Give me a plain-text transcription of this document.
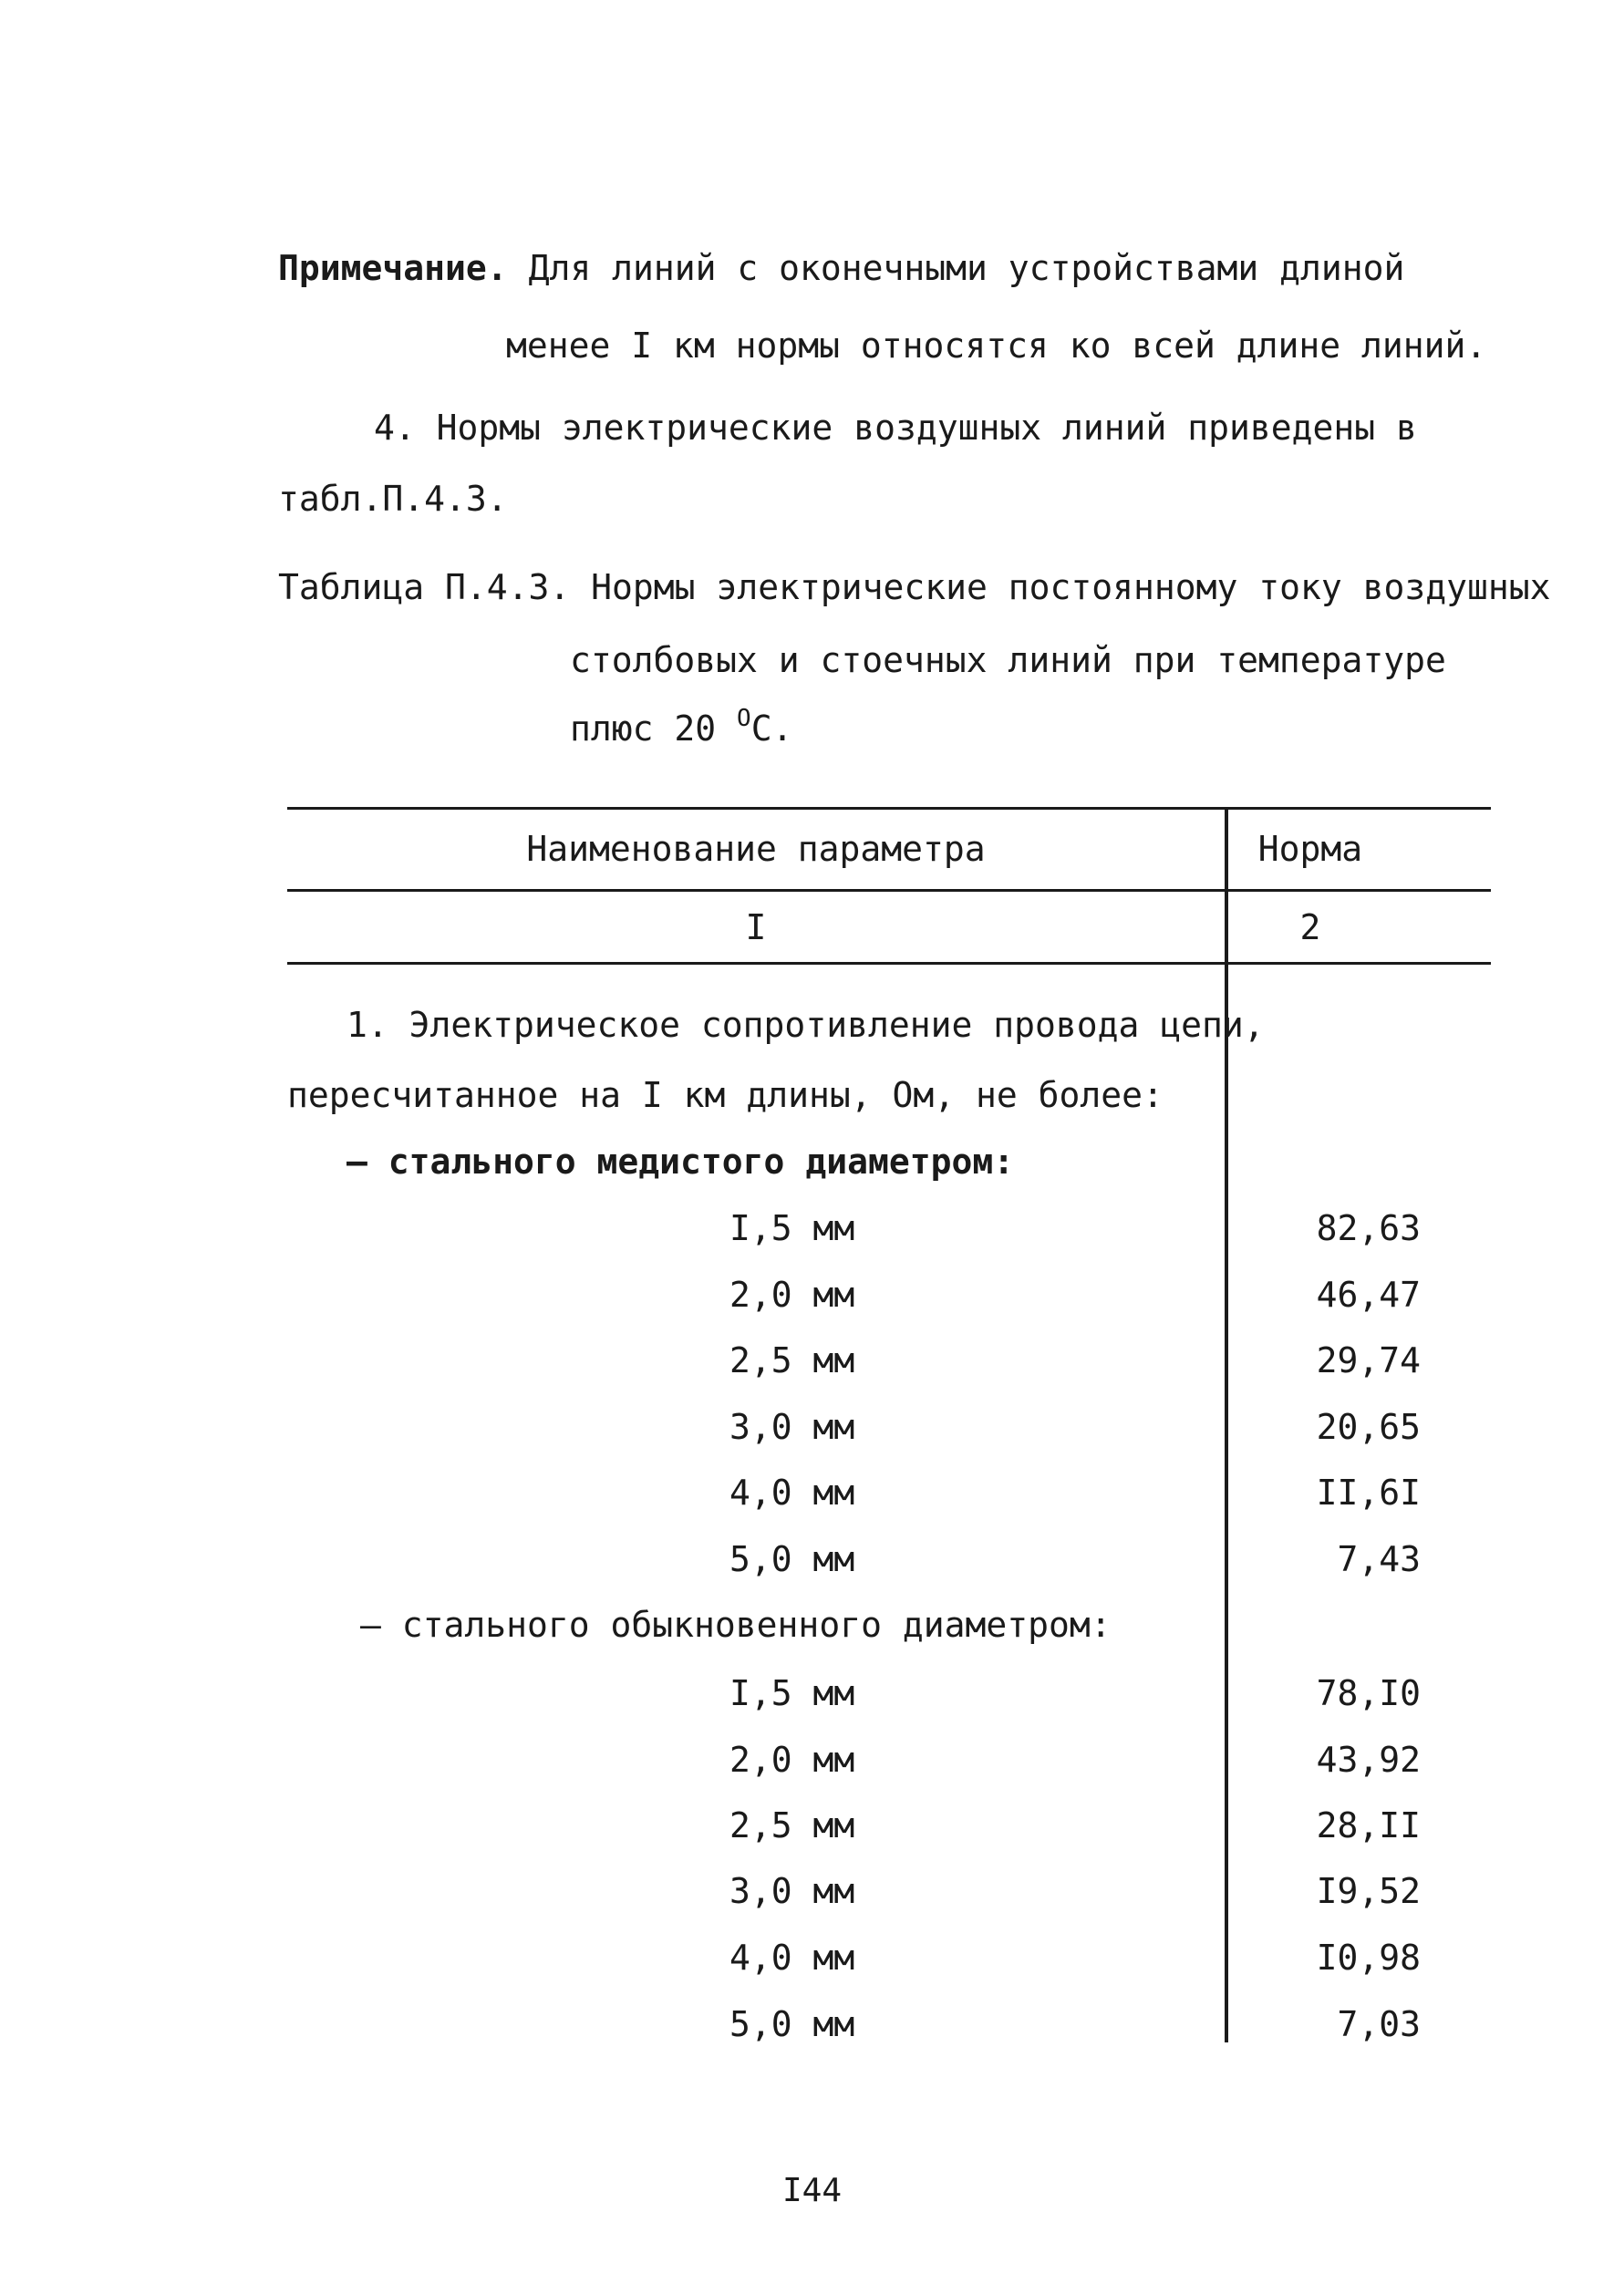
Примечание. Для линий с оконечными устройствами длиной
менее I км нормы относятся ко всей длине линий.
4. Нормы электрические воздушных линий приведены в
табл.П.4.3.
Таблица П.4.3. Нормы электрические постоянному току воздушных
столбовых и стоечных линий при температуре
плюс 20 $^О$С.
Наименование параметра	Норма
I	2
1. Электрическое сопротивление провода цепи,
пересчитанное на I км длины, Ом, не более:
– стального медистого диаметром:
I,5 мм	82,63
2,0 мм	46,47
2,5 мм	29,74
3,0 мм	20,65
4,0 мм	II,6I
5,0 мм	7,43
– стального обыкновенного диаметром:
I,5 мм	78,I0
2,0 мм	43,92
2,5 мм	28,II
3,0 мм	I9,52
4,0 мм	I0,98
5,0 мм	7,03
I44
